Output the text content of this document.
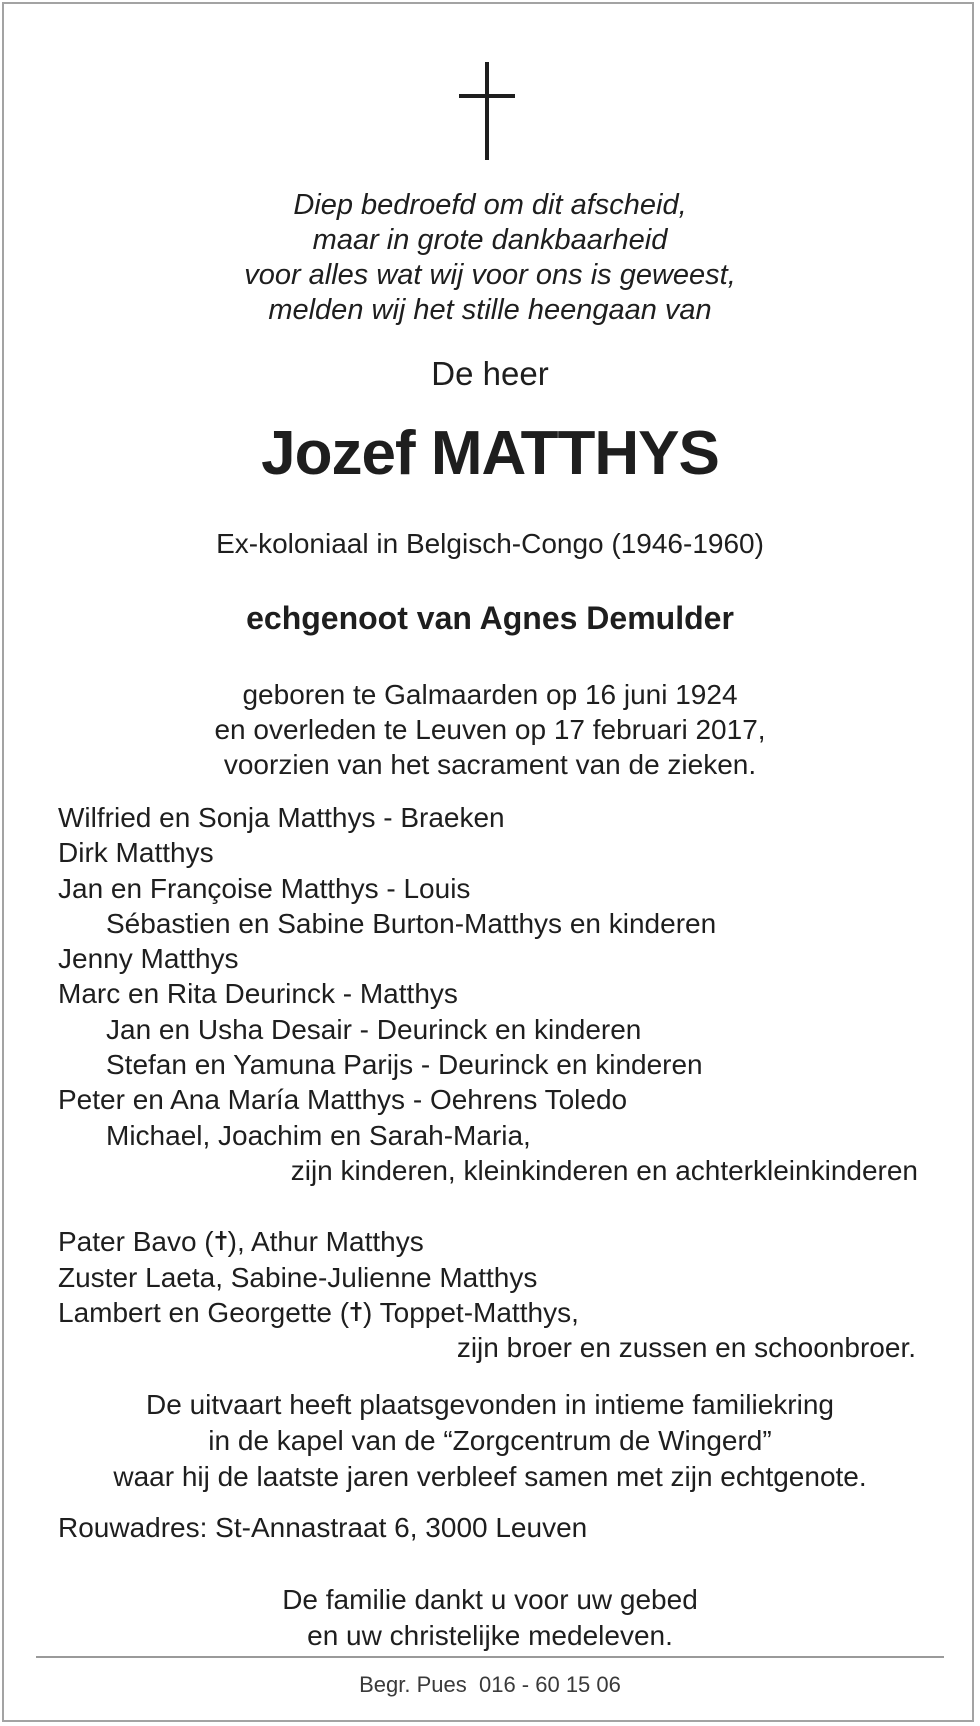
Diep bedroefd om dit afscheid,
maar in grote dankbaarheid
voor alles wat wij voor ons is geweest,
melden wij het stille heengaan van
De heer
Jozef MATTHYS
Ex-koloniaal in Belgisch-Congo (1946-1960)
echgenoot van Agnes Demulder
geboren te Galmaarden op 16 juni 1924
en overleden te Leuven op 17 februari 2017,
voorzien van het sacrament van de zieken.
Wilfried en Sonja Matthys - Braeken
Dirk Matthys
Jan en Françoise Matthys - Louis
Sébastien en Sabine Burton-Matthys en kinderen
Jenny Matthys
Marc en Rita Deurinck - Matthys
Jan en Usha Desair - Deurinck en kinderen
Stefan en Yamuna Parijs - Deurinck en kinderen
Peter en Ana María Matthys - Oehrens Toledo
Michael, Joachim en Sarah-Maria,
zijn kinderen, kleinkinderen en achterkleinkinderen
Pater Bavo ( ), Athur Matthys
Zuster Laeta, Sabine-Julienne Matthys
Lambert en Georgette ( ) Toppet-Matthys,
zijn broer en zussen en schoonbroer.
De uitvaart heeft plaatsgevonden in intieme familiekring
in de kapel van de “Zorgcentrum de Wingerd”
waar hij de laatste jaren verbleef samen met zijn echtgenote.
Rouwadres: St-Annastraat 6, 3000 Leuven
De familie dankt u voor uw gebed
en uw christelijke medeleven.
Begr. Pues  016 - 60 15 06
